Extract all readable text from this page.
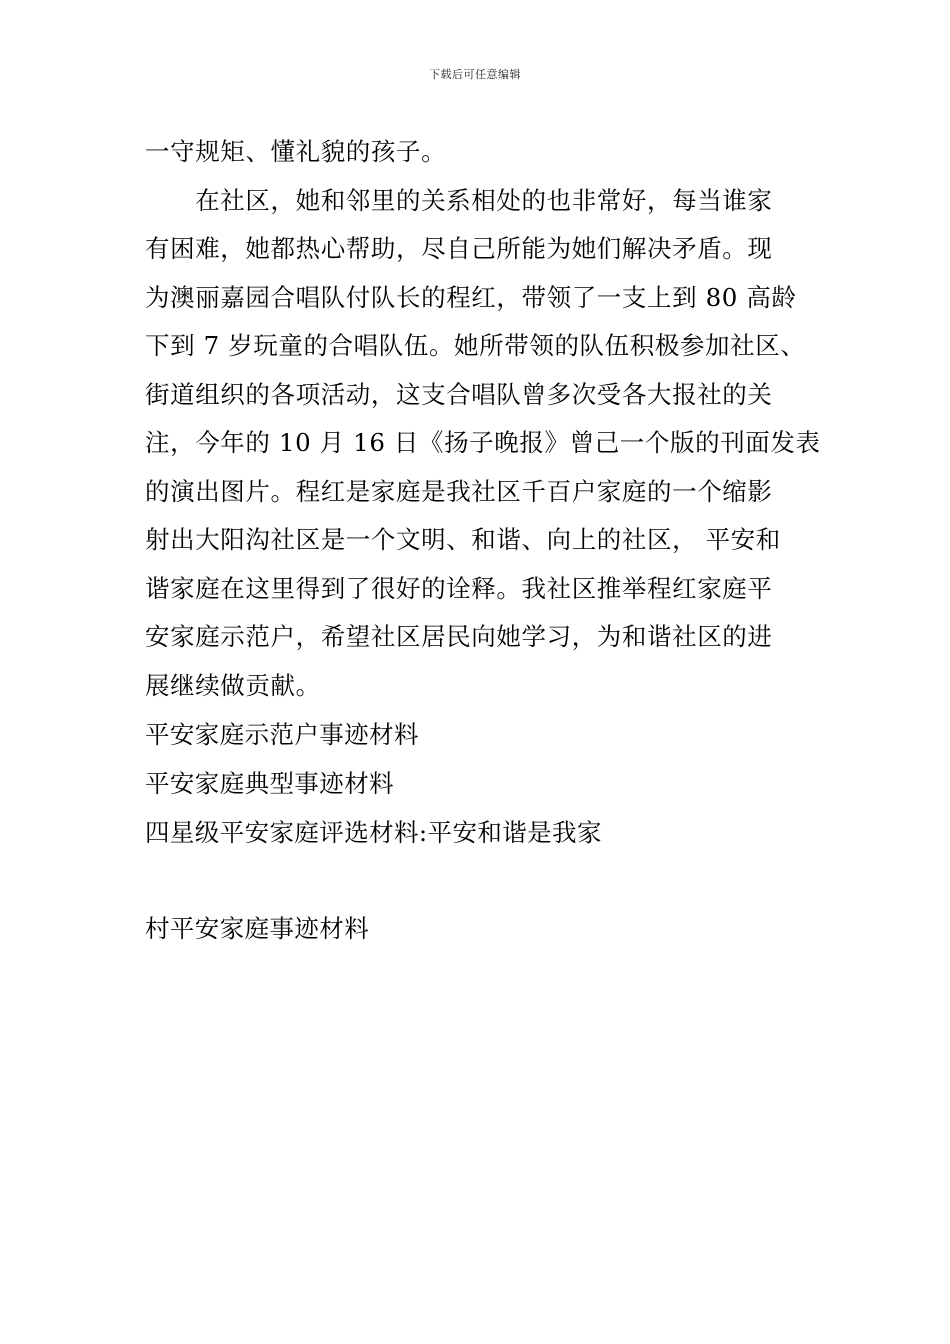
下载后可任意编辑
一守规矩、懂礼貌的孩子。
　　在社区，她和邻里的关系相处的也非常好，每当谁家
有困难，她都热心帮助，尽自己所能为她们解决矛盾。现
为澳丽嘉园合唱队付队长的程红，带领了一支上到 80 高龄
下到 7 岁玩童的合唱队伍。她所带领的队伍积极参加社区、
街道组织的各项活动，这支合唱队曾多次受各大报社的关
注，今年的 10 月 16 日《扬子晚报》曾己一个版的刊面发表
的演出图片。程红是家庭是我社区千百户家庭的一个缩影
射出大阳沟社区是一个文明、和谐、向上的社区， 平安和
谐家庭在这里得到了很好的诠释。我社区推举程红家庭平
安家庭示范户，希望社区居民向她学习，为和谐社区的进
展继续做贡献。
平安家庭示范户事迹材料
平安家庭典型事迹材料
四星级平安家庭评选材料:平安和谐是我家
村平安家庭事迹材料
